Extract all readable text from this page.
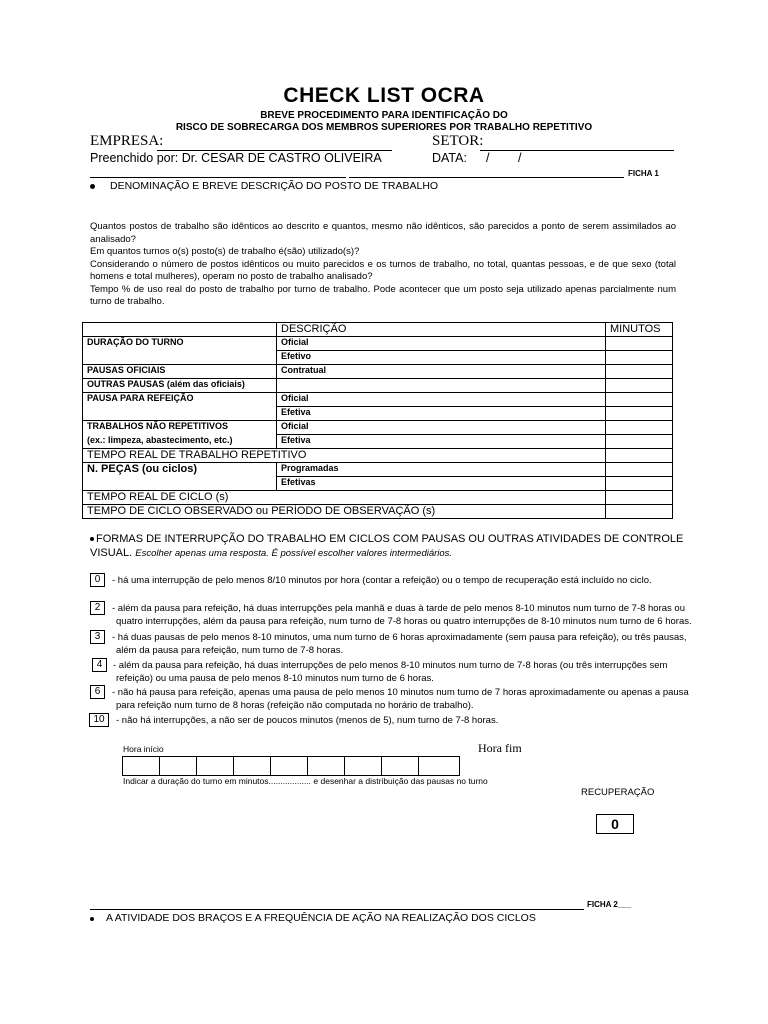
CHECK LIST OCRA
BREVE PROCEDIMENTO PARA IDENTIFICAÇÃO DO
RISCO DE SOBRECARGA DOS MEMBROS SUPERIORES POR TRABALHO REPETITIVO
EMPRESA:	SETOR:
Preenchido por: Dr. CESAR DE CASTRO OLIVEIRA	DATA: / /
FICHA 1
DENOMINAÇÃO E BREVE DESCRIÇÃO DO POSTO DE TRABALHO
Quantos postos de trabalho são idênticos ao descrito e quantos, mesmo não idênticos, são parecidos a ponto de serem assimilados ao analisado?
Em quantos turnos o(s) posto(s) de trabalho é(são) utilizado(s)?
Considerando o número de postos idênticos ou muito parecidos e os turnos de trabalho, no total, quantas pessoas, e de que sexo (total homens e total mulheres), operam no posto de trabalho analisado?
Tempo % de uso real do posto de trabalho por turno de trabalho. Pode acontecer que um posto seja utilizado apenas parcialmente num turno de trabalho.
	DESCRIÇÃO	MINUTOS
DURAÇÃO DO TURNO	Oficial	
	Efetivo	
PAUSAS OFICIAIS	Contratual	
OUTRAS PAUSAS (além das oficiais)		
PAUSA PARA REFEIÇÃO	Oficial	
	Efetiva	
TRABALHOS NÃO REPETITIVOS	Oficial	
(ex.: limpeza, abastecimento, etc.)	Efetiva	
TEMPO REAL DE TRABALHO REPETITIVO		
N. PEÇAS (ou ciclos)	Programadas	
	Efetivas	
TEMPO REAL DE CICLO (s)		
TEMPO DE CICLO OBSERVADO ou PERÍODO DE OBSERVAÇÃO (s)		
FORMAS DE INTERRUPÇÃO DO TRABALHO EM CICLOS COM PAUSAS OU OUTRAS ATIVIDADES DE CONTROLE
VISUAL. Escolher apenas uma resposta. É possível escolher valores intermediários.
0	- há uma interrupção de pelo menos 8/10 minutos por hora (contar a refeição) ou o tempo de recuperação está incluído no ciclo.
2	- além da pausa para refeição, há duas interrupções pela manhã e duas à tarde de pelo menos 8-10 minutos num turno de 7-8 horas ou
quatro interrupções, além da pausa para refeição, num turno de 7-8 horas ou quatro interrupções de 8-10 minutos num turno de 6 horas.
3	- há duas pausas de pelo menos 8-10 minutos, uma num turno de 6 horas aproximadamente (sem pausa para refeição), ou três pausas,
além da pausa para refeição, num turno de 7-8 horas.
4	- além da pausa para refeição, há duas interrupções de pelo menos 8-10 minutos num turno de 7-8 horas (ou três interrupções sem
refeição) ou uma pausa de pelo menos 8-10 minutos num turno de 6 horas.
6	- não há pausa para refeição, apenas uma pausa de pelo menos 10 minutos num turno de 7 horas aproximadamente ou apenas a pausa
para refeição num turno de 8 horas (refeição não computada no horário de trabalho).
10	- não há interrupções, a não ser de poucos minutos (menos de 5), num turno de 7-8 horas.
Hora início	Hora fim
Indicar a duração do turno em minutos.................. e desenhar a distribuição das pausas no turno
RECUPERAÇÃO
0
FICHA 2___
A ATIVIDADE DOS BRAÇOS E A FREQUÊNCIA DE AÇÃO NA REALIZAÇÃO DOS CICLOS
